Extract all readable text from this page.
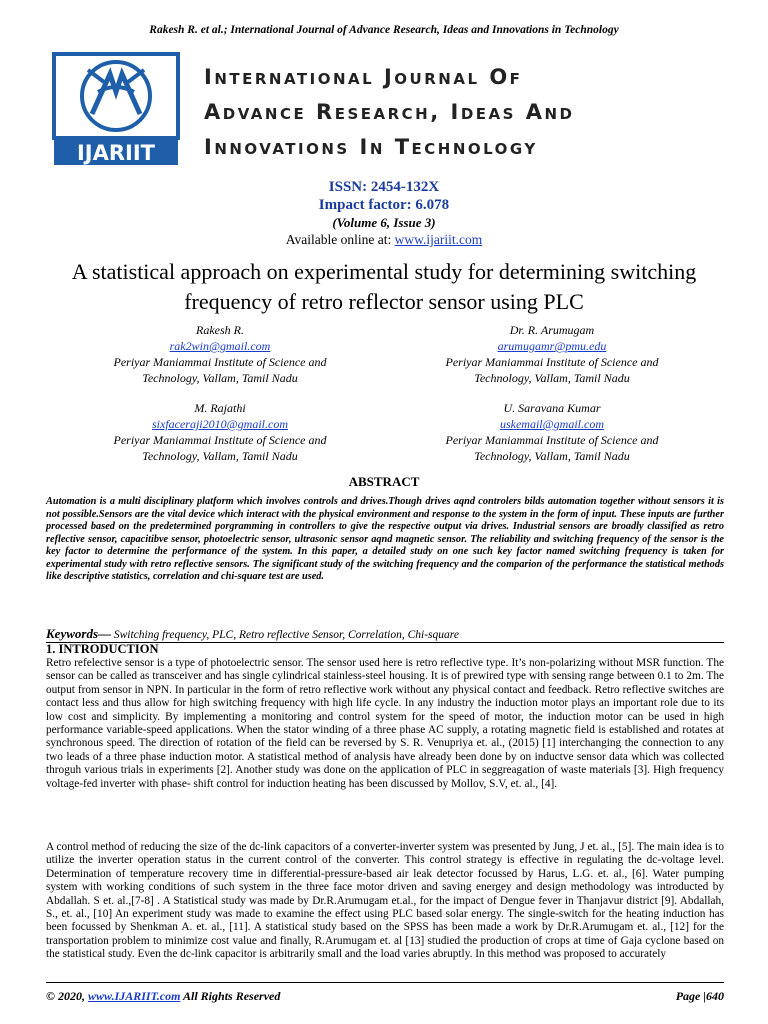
Rakesh R. et al.; International Journal of Advance Research, Ideas and Innovations in Technology
IJARIIT
International Journal Of
Advance Research, Ideas And
Innovations In Technology
ISSN: 2454-132X
Impact factor: 6.078
(Volume 6, Issue 3)
Available online at: www.ijariit.com
A statistical approach on experimental study for determining switching frequency of retro reflector sensor using PLC
Rakesh R.
rak2win@gmail.com
Periyar Maniammai Institute of Science and
Technology, Vallam, Tamil Nadu
Dr. R. Arumugam
arumugamr@pmu.edu
Periyar Maniammai Institute of Science and
Technology, Vallam, Tamil Nadu
M. Rajathi
sixfaceraji2010@gmail.com
Periyar Maniammai Institute of Science and
Technology, Vallam, Tamil Nadu
U. Saravana Kumar
uskemail@gmail.com
Periyar Maniammai Institute of Science and
Technology, Vallam, Tamil Nadu
ABSTRACT
Automation is a multi disciplinary platform which involves controls and drives.Though drives aqnd controlers bilds automation together without sensors it is not possible.Sensors are the vital device which interact with the physical environment and response to the system in the form of input. These inputs are further processed based on the predetermined porgramming in controllers to give the respective output via drives. Industrial sensors are broadly classified as retro reflective sensor, capacitibve sensor, photoelectric sensor, ultrasonic sensor aqnd magnetic sensor. The reliability and switching frequency of the sensor is the key factor to determine the performance of the system. In this paper, a detailed study on one such key factor named switching frequency is taken for experimental study with retro reflective sensors. The significant study of the switching frequency and the comparion of the performance the statistical methods like descriptive statistics, correlation and chi-square test are used.
Keywords— Switching frequency, PLC, Retro reflective Sensor, Correlation, Chi-square
1. INTRODUCTION
Retro refelective sensor is a type of photoelectric sensor. The sensor used here is retro reflective type. It’s non-polarizing without MSR function. The sensor can be called as transceiver and has single cylindrical stainless-steel housing. It is of prewired type with sensing range between 0.1 to 2m. The output from sensor in NPN. In particular in the form of retro reflective work without any physical contact and feedback. Retro reflective switches are contact less and thus allow for high switching frequency with high life cycle. In any industry the induction motor plays an important role due to its low cost and simplicity. By implementing a monitoring and control system for the speed of motor, the induction motor can be used in high performance variable-speed applications. When the stator winding of a three phase AC supply, a rotating magnetic field is established and rotates at synchronous speed. The direction of rotation of the field can be reversed by S. R. Venupriya et. al., (2015) [1] interchanging the connection to any two leads of a three phase induction motor. A statistical method of analysis have already been done by on inductve sensor data which was collected throguh various trials in experiments [2]. Another study was done on the application of PLC in seggreagation of waste materials [3]. High frequency voltage-fed inverter with phase- shift control for induction heating has been discussed by Mollov, S.V, et. al., [4].
A control method of reducing the size of the dc-link capacitors of a converter-inverter system was presented by Jung, J et. al., [5]. The main idea is to utilize the inverter operation status in the current control of the converter. This control strategy is effective in regulating the dc-voltage level. Determination of temperature recovery time in differential-pressure-based air leak detector focussed by Harus, L.G. et. al., [6]. Water pumping system with working conditions of such system in the three face motor driven and saving energey and design methodology was introducted by Abdallah. S et. al.,[7-8] . A Statistical study was made by Dr.R.Arumugam et.al., for the impact of Dengue fever in Thanjavur district [9]. Abdallah, S., et. al., [10] An experiment study was made to examine the effect using PLC based solar energy. The single-switch for the heating induction has been focussed by Shenkman A. et. al., [11]. A statistical study based on the SPSS has been made a work by Dr.R.Arumugam et. al., [12] for the transportation problem to minimize cost value and finally, R.Arumugam et. al [13] studied the production of crops at time of Gaja cyclone based on the statistical study. Even the dc-link capacitor is arbitrarily small and the load varies abruptly. In this method was proposed to accurately
© 2020, www.IJARIIT.com All Rights Reserved	Page |640
